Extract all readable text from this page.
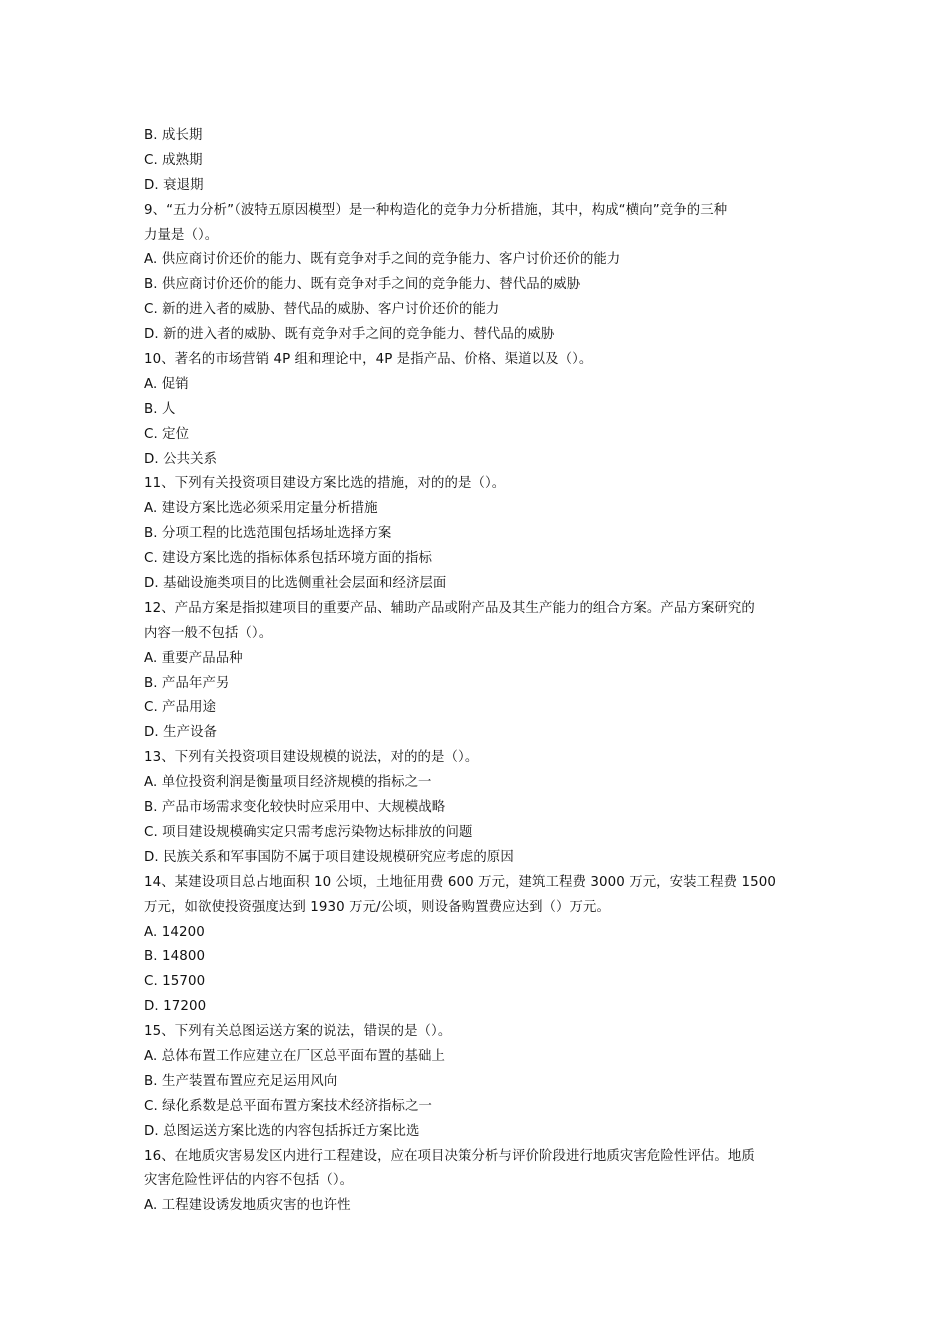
B. 成长期
C. 成熟期
D. 衰退期
9、“五力分析”（波特五原因模型）是一种构造化的竞争力分析措施，其中，构成“横向”竞争的三种
力量是（）。
A. 供应商讨价还价的能力、既有竞争对手之间的竞争能力、客户讨价还价的能力
B. 供应商讨价还价的能力、既有竞争对手之间的竞争能力、替代品的威胁
C. 新的进入者的威胁、替代品的威胁、客户讨价还价的能力
D. 新的进入者的威胁、既有竞争对手之间的竞争能力、替代品的威胁
10、著名的市场营销 4P 组和理论中，4P 是指产品、价格、渠道以及（）。
A. 促销
B. 人
C. 定位
D. 公共关系
11、下列有关投资项目建设方案比选的措施，对的的是（）。
A. 建设方案比选必须采用定量分析措施
B. 分项工程的比选范围包括场址选择方案
C. 建设方案比选的指标体系包括环境方面的指标
D. 基础设施类项目的比选侧重社会层面和经济层面
12、产品方案是指拟建项目的重要产品、辅助产品或附产品及其生产能力的组合方案。产品方案研究的
内容一般不包括（）。
A. 重要产品品种
B. 产品年产另
C. 产品用途
D. 生产设备
13、下列有关投资项目建设规模的说法，对的的是（）。
A. 单位投资利润是衡量项目经济规模的指标之一
B. 产品市场需求变化较快时应采用中、大规模战略
C. 项目建设规模确实定只需考虑污染物达标排放的问题
D. 民族关系和军事国防不属于项目建设规模研究应考虑的原因
14、某建设项目总占地面积 10 公顷，土地征用费 600 万元，建筑工程费 3000 万元，安装工程费 1500
万元，如欲使投资强度达到 1930 万元/公顷，则设备购置费应达到（）万元。
A. 14200
B. 14800
C. 15700
D. 17200
15、下列有关总图运送方案的说法，错误的是（）。
A. 总体布置工作应建立在厂区总平面布置的基础上
B. 生产装置布置应充足运用风向
C. 绿化系数是总平面布置方案技术经济指标之一
D. 总图运送方案比选的内容包括拆迁方案比选
16、在地质灾害易发区内进行工程建设，应在项目决策分析与评价阶段进行地质灾害危险性评估。地质
灾害危险性评估的内容不包括（）。
A. 工程建设诱发地质灾害的也许性
